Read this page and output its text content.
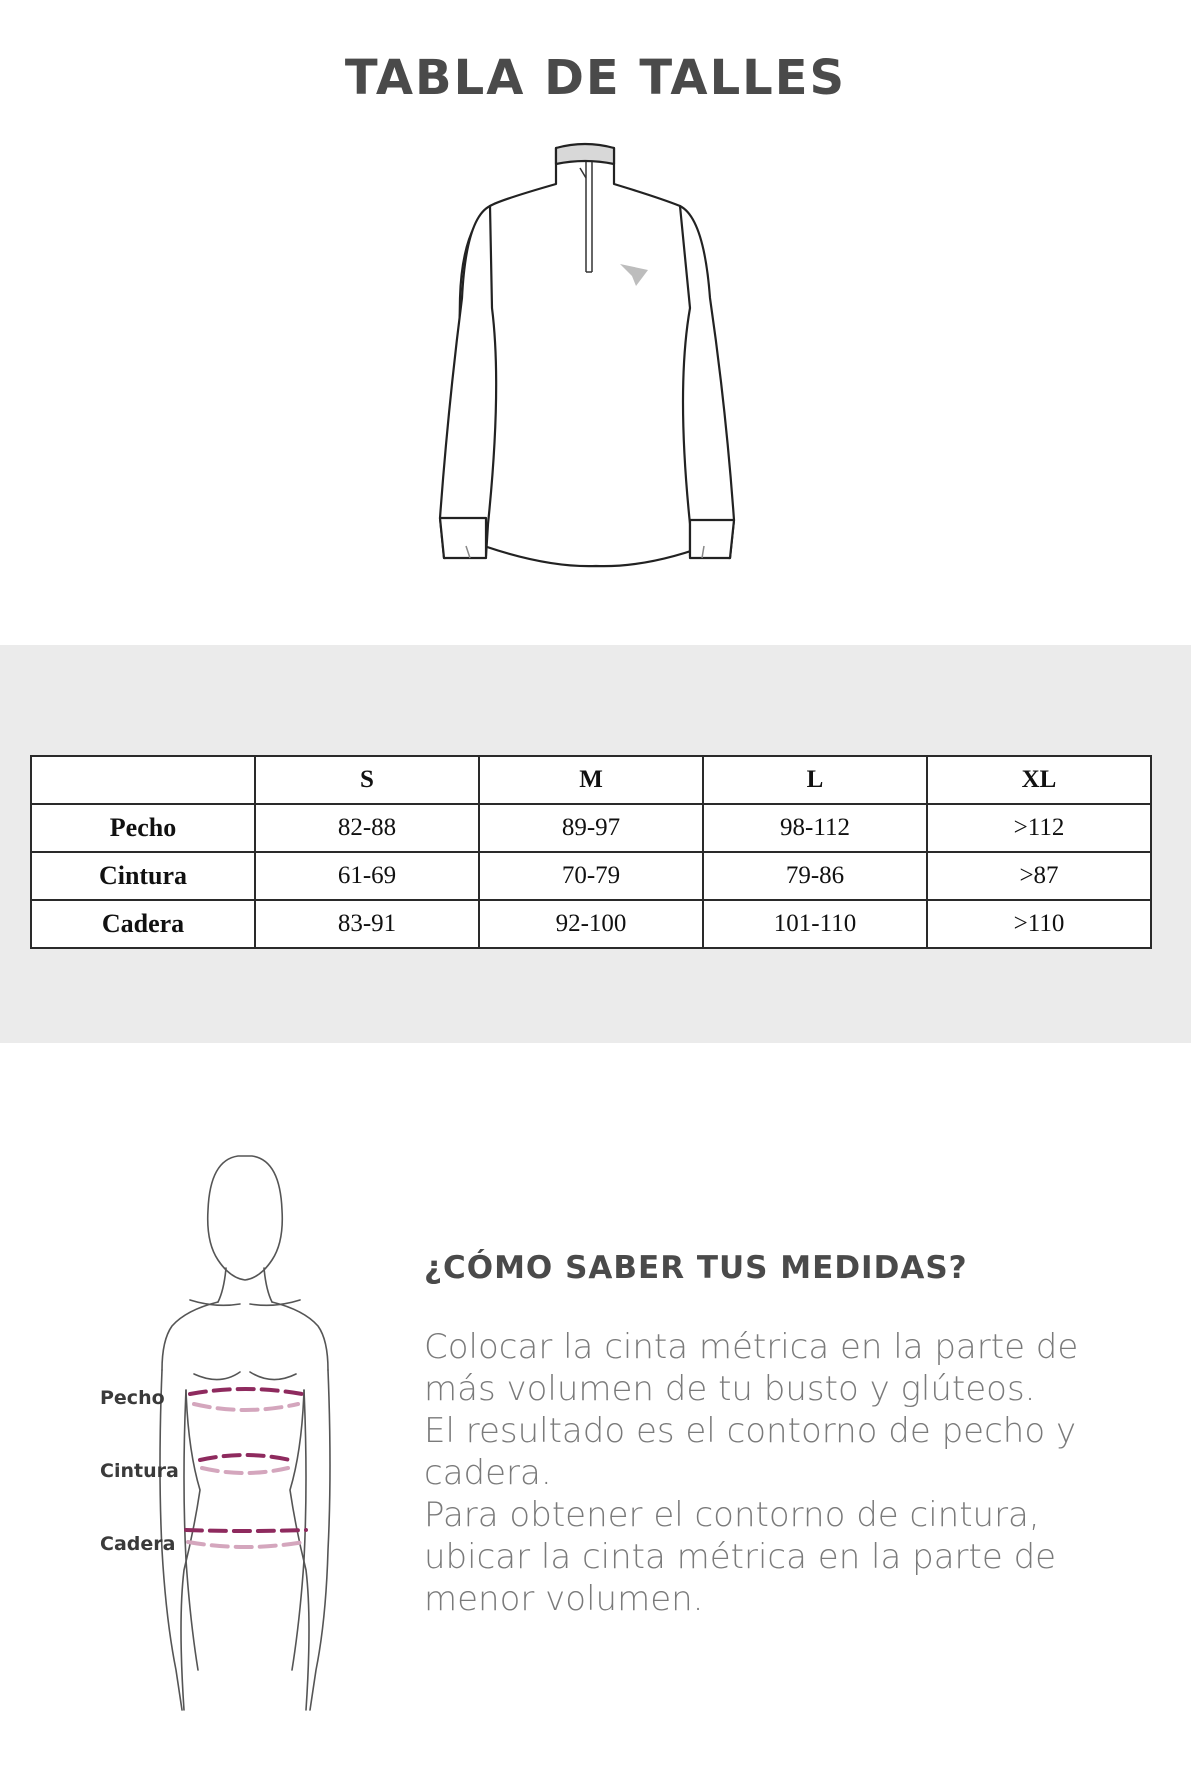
TABLA DE TALLES
	S	M	L	XL
Pecho	82-88	89-97	98-112	>112
Cintura	61-69	70-79	79-86	>87
Cadera	83-91	92-100	101-110	>110
Pecho
Cintura
Cadera
¿CÓMO SABER TUS MEDIDAS?

Colocar la cinta métrica en la parte de

más volumen de tu busto y glúteos.

El resultado es el contorno de pecho y

cadera.

Para obtener el contorno de cintura,

ubicar la cinta métrica en la parte de

menor volumen.
